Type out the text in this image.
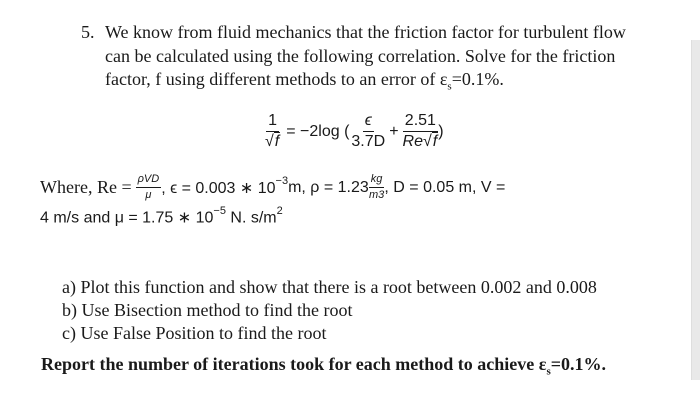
5. We know from fluid mechanics that the friction factor for turbulent flow
can be calculated using the following correlation. Solve for the friction
factor, f using different methods to an error of $\varepsilon_s=0.1\%$.
$\frac{1}{√f} = -2\log$ ( $\frac{\epsilon}{3.7D} + \frac{2.51}{Re√f}$ )
Where, $Re = \frac{\text{ρVD}}{\mu}$ , ϵ = 0.003 ∗ $10^{-3}$ m, $\rho = 1.23 \frac{kg}{m3}$ , D = 0.05 m, V =
4 m/s and μ = 1.75 ∗ $10^{-5}$ N. $s/m^2$
a) Plot this function and show that there is a root between 0.002 and 0.008
b) Use Bisection method to find the root
c) Use False Position to find the root
Report the number of iterations took for each method to achieve $\varepsilon_s=0.1\%$.
